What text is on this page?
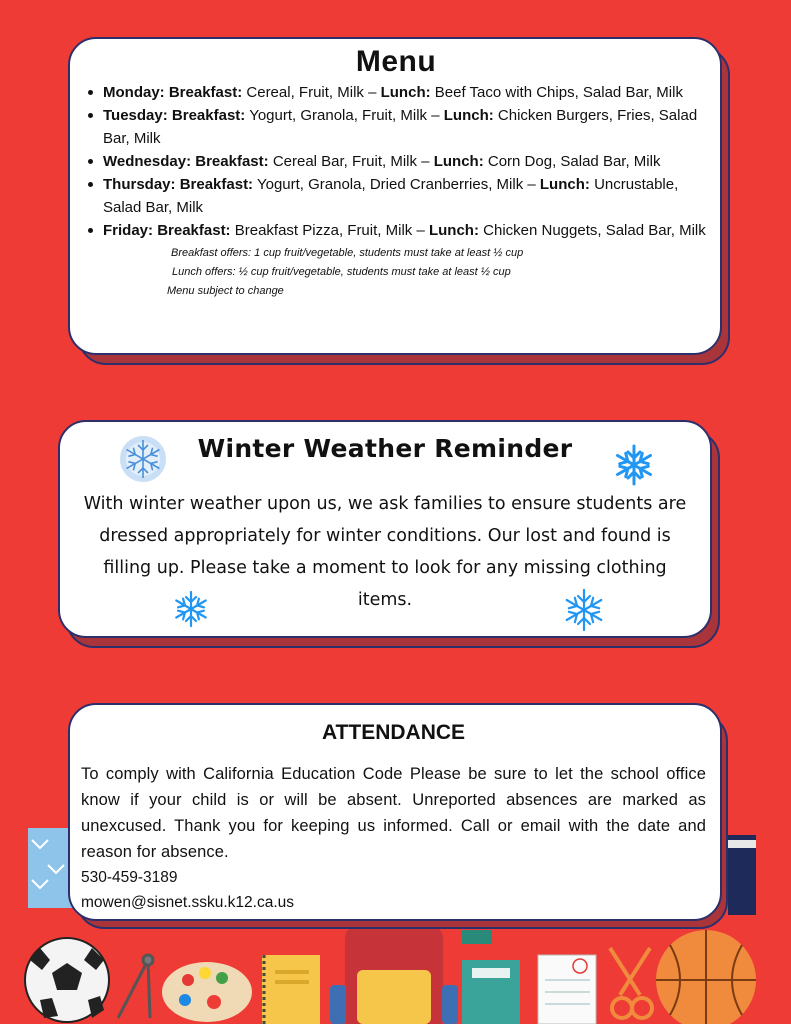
Menu
Monday: Breakfast: Cereal, Fruit, Milk – Lunch: Beef Taco with Chips, Salad Bar, Milk
Tuesday: Breakfast: Yogurt, Granola, Fruit, Milk – Lunch: Chicken Burgers, Fries, Salad Bar, Milk
Wednesday: Breakfast: Cereal Bar, Fruit, Milk – Lunch: Corn Dog, Salad Bar, Milk
Thursday: Breakfast: Yogurt, Granola, Dried Cranberries, Milk – Lunch: Uncrustable, Salad Bar, Milk
Friday: Breakfast: Breakfast Pizza, Fruit, Milk – Lunch: Chicken Nuggets, Salad Bar, Milk
Breakfast offers: 1 cup fruit/vegetable, students must take at least ½ cup
Lunch offers: ½ cup fruit/vegetable, students must take at least ½ cup
Menu subject to change
Winter Weather Reminder

With winter weather upon us, we ask families to ensure students are dressed appropriately for winter conditions. Our lost and found is filling up. Please take a moment to look for any missing clothing items.

ATTENDANCE

To comply with California Education Code Please be sure to let the school office know if your child is or will be absent. Unreported absences are marked as unexcused. Thank you for keeping us informed. Call or email with the date and reason for absence.

530-459-3189
mowen@sisnet.ssku.k12.ca.us
